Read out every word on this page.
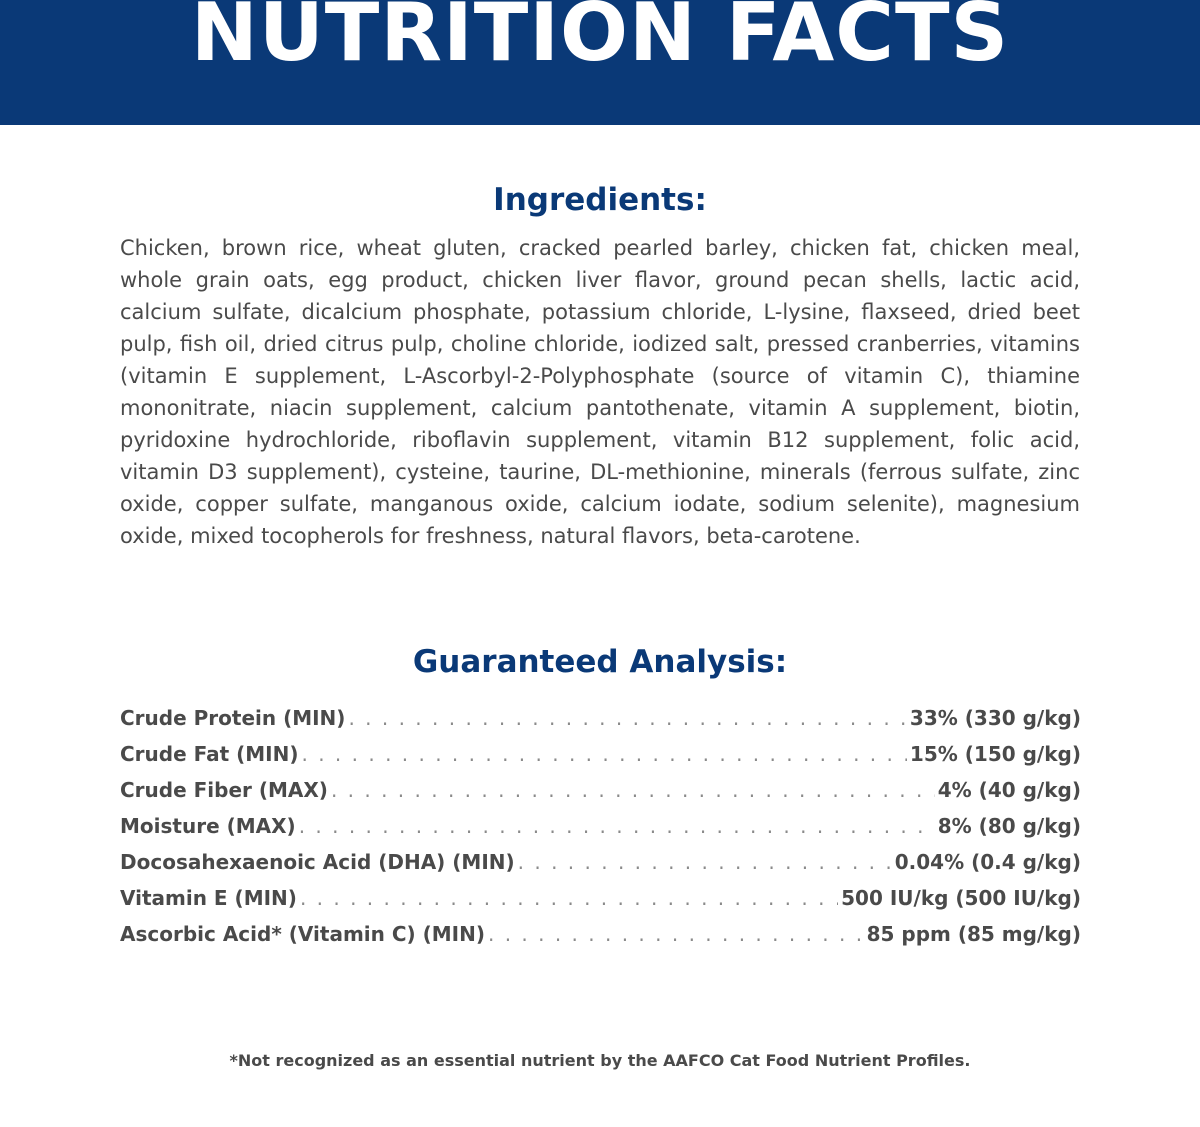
NUTRITION FACTS
Ingredients:

Chicken, brown rice, wheat gluten, cracked pearled barley, chicken fat, chicken meal, whole grain oats, egg product, chicken liver flavor, ground pecan shells, lactic acid, calcium sulfate, dicalcium phosphate, potassium chloride, L-lysine, flaxseed, dried beet pulp, fish oil, dried citrus pulp, choline chloride, iodized salt, pressed cranberries, vitamins (vitamin E supplement, L-Ascorbyl-2-Polyphosphate (source of vitamin C), thiamine mononitrate, niacin supplement, calcium pantothenate, vitamin A supplement, biotin, pyridoxine hydrochloride, riboflavin supplement, vitamin B12 supplement, folic acid, vitamin D3 supplement), cysteine, taurine, DL-methionine, minerals (ferrous sulfate, zinc oxide, copper sulfate, manganous oxide, calcium iodate, sodium selenite), magnesium oxide, mixed tocopherols for freshness, natural flavors, beta-carotene.

Guaranteed Analysis:
Crude Protein (MIN) . . .	33% (330 g/kg)
Crude Fat (MIN) . . .	15% (150 g/kg)
Crude Fiber (MAX) . . .	4% (40 g/kg)
Moisture (MAX) . . .	8% (80 g/kg)
Docosahexaenoic Acid (DHA) (MIN) . . .	0.04% (0.4 g/kg)
Vitamin E (MIN) . . .	500 IU/kg (500 IU/kg)
Ascorbic Acid* (Vitamin C) (MIN) . . .	85 ppm (85 mg/kg)
*Not recognized as an essential nutrient by the AAFCO Cat Food Nutrient Profiles.
